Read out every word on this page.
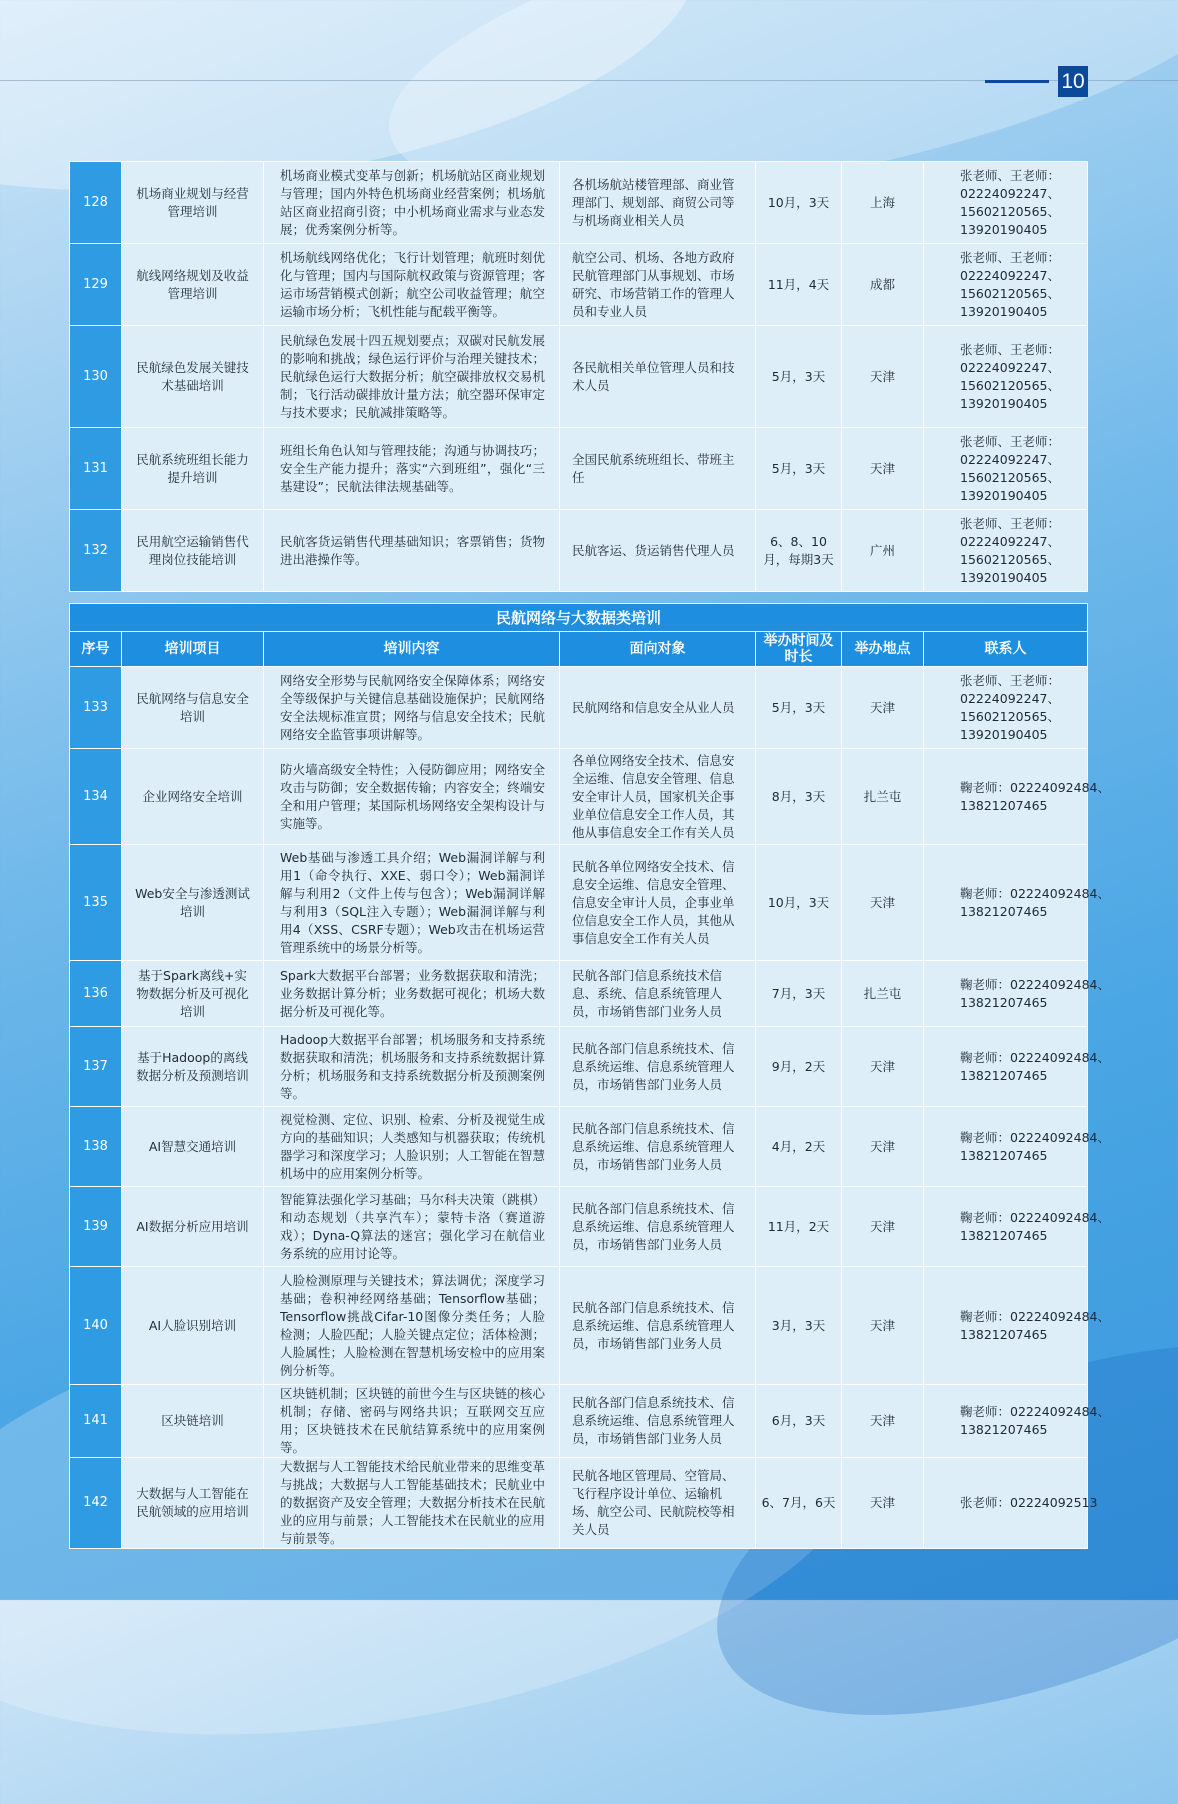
10
128	机场商业规划与经营管理培训	机场商业模式变革与创新；机场航站区商业规划与管理；国内外特色机场商业经营案例；机场航站区商业招商引资；中小机场商业需求与业态发展；优秀案例分析等。	各机场航站楼管理部、商业管理部门、规划部、商贸公司等与机场商业相关人员	10月，3天	上海	张老师、王老师：
02224092247、
15602120565、
13920190405

129	航线网络规划及收益管理培训	机场航线网络优化；飞行计划管理；航班时刻优化与管理；国内与国际航权政策与资源管理；客运市场营销模式创新；航空公司收益管理；航空运输市场分析；飞机性能与配载平衡等。	航空公司、机场、各地方政府民航管理部门从事规划、市场研究、市场营销工作的管理人员和专业人员	11月，4天	成都	张老师、王老师：
02224092247、
15602120565、
13920190405

130	民航绿色发展关键技术基础培训	民航绿色发展十四五规划要点；双碳对民航发展的影响和挑战；绿色运行评价与治理关键技术；民航绿色运行大数据分析；航空碳排放权交易机制；飞行活动碳排放计量方法；航空器环保审定与技术要求；民航减排策略等。	各民航相关单位管理人员和技术人员	5月，3天	天津	张老师、王老师：
02224092247、
15602120565、
13920190405

131	民航系统班组长能力提升培训	班组长角色认知与管理技能；沟通与协调技巧；安全生产能力提升；落实“六到班组”，强化“三基建设”；民航法律法规基础等。	全国民航系统班组长、带班主任	5月，3天	天津	张老师、王老师：
02224092247、
15602120565、
13920190405

132	民用航空运输销售代理岗位技能培训	民航客货运销售代理基础知识；客票销售；货物进出港操作等。	民航客运、货运销售代理人员	6、8、10月，每期3天	广州	张老师、王老师：
02224092247、
15602120565、
13920190405
民航网络与大数据类培训						
序号	培训项目	培训内容	面向对象	举办时间及时长	举办地点	联系人
133	民航网络与信息安全培训	网络安全形势与民航网络安全保障体系；网络安全等级保护与关键信息基础设施保护；民航网络安全法规标准宣贯；网络与信息安全技术；民航网络安全监管事项讲解等。	民航网络和信息安全从业人员	5月，3天	天津	张老师、王老师：
02224092247、
15602120565、
13920190405

134	企业网络安全培训	防火墙高级安全特性；入侵防御应用；网络安全攻击与防御；安全数据传输；内容安全；终端安全和用户管理；某国际机场网络安全架构设计与实施等。	各单位网络安全技术、信息安全运维、信息安全管理、信息安全审计人员，国家机关企事业单位信息安全工作人员，其他从事信息安全工作有关人员	8月，3天	扎兰屯	鞠老师：02224092484、
13821207465

135	Web安全与渗透测试培训	Web基础与渗透工具介绍；Web漏洞详解与利用1（命令执行、XXE、弱口令）；Web漏洞详解与利用2（文件上传与包含）；Web漏洞详解与利用3（SQL注入专题）；Web漏洞详解与利用4（XSS、CSRF专题）；Web攻击在机场运营管理系统中的场景分析等。	民航各单位网络安全技术、信息安全运维、信息安全管理、信息安全审计人员，企事业单位信息安全工作人员，其他从事信息安全工作有关人员	10月，3天	天津	鞠老师：02224092484、
13821207465

136	基于Spark离线+实物数据分析及可视化培训	Spark大数据平台部署；业务数据获取和清洗；业务数据计算分析；业务数据可视化；机场大数据分析及可视化等。	民航各部门信息系统技术信息、系统、信息系统管理人员，市场销售部门业务人员	7月，3天	扎兰屯	鞠老师：02224092484、
13821207465

137	基于Hadoop的离线数据分析及预测培训	Hadoop大数据平台部署；机场服务和支持系统数据获取和清洗；机场服务和支持系统数据计算分析；机场服务和支持系统数据分析及预测案例等。	民航各部门信息系统技术、信息系统运维、信息系统管理人员，市场销售部门业务人员	9月，2天	天津	鞠老师：02224092484、
13821207465

138	AI智慧交通培训	视觉检测、定位、识别、检索、分析及视觉生成方向的基础知识；人类感知与机器获取；传统机器学习和深度学习；人脸识别；人工智能在智慧机场中的应用案例分析等。	民航各部门信息系统技术、信息系统运维、信息系统管理人员，市场销售部门业务人员	4月，2天	天津	鞠老师：02224092484、
13821207465

139	AI数据分析应用培训	智能算法强化学习基础；马尔科夫决策（跳棋）和动态规划（共享汽车）；蒙特卡洛（赛道游戏）；Dyna-Q算法的迷宫；强化学习在航信业务系统的应用讨论等。	民航各部门信息系统技术、信息系统运维、信息系统管理人员，市场销售部门业务人员	11月，2天	天津	鞠老师：02224092484、
13821207465

140	AI人脸识别培训	人脸检测原理与关键技术；算法调优；深度学习基础；卷积神经网络基础；Tensorflow基础；Tensorflow挑战Cifar-10图像分类任务；人脸检测；人脸匹配；人脸关键点定位；活体检测；人脸属性；人脸检测在智慧机场安检中的应用案例分析等。	民航各部门信息系统技术、信息系统运维、信息系统管理人员，市场销售部门业务人员	3月，3天	天津	鞠老师：02224092484、
13821207465

141	区块链培训	区块链机制；区块链的前世今生与区块链的核心机制；存储、密码与网络共识；互联网交互应用；区块链技术在民航结算系统中的应用案例等。	民航各部门信息系统技术、信息系统运维、信息系统管理人员，市场销售部门业务人员	6月，3天	天津	鞠老师：02224092484、
13821207465

142	大数据与人工智能在民航领域的应用培训	大数据与人工智能技术给民航业带来的思维变革与挑战；大数据与人工智能基础技术；民航业中的数据资产及安全管理；大数据分析技术在民航业的应用与前景；人工智能技术在民航业的应用与前景等。	民航各地区管理局、空管局、飞行程序设计单位、运输机场、航空公司、民航院校等相关人员	6、7月，6天	天津	张老师：02224092513
